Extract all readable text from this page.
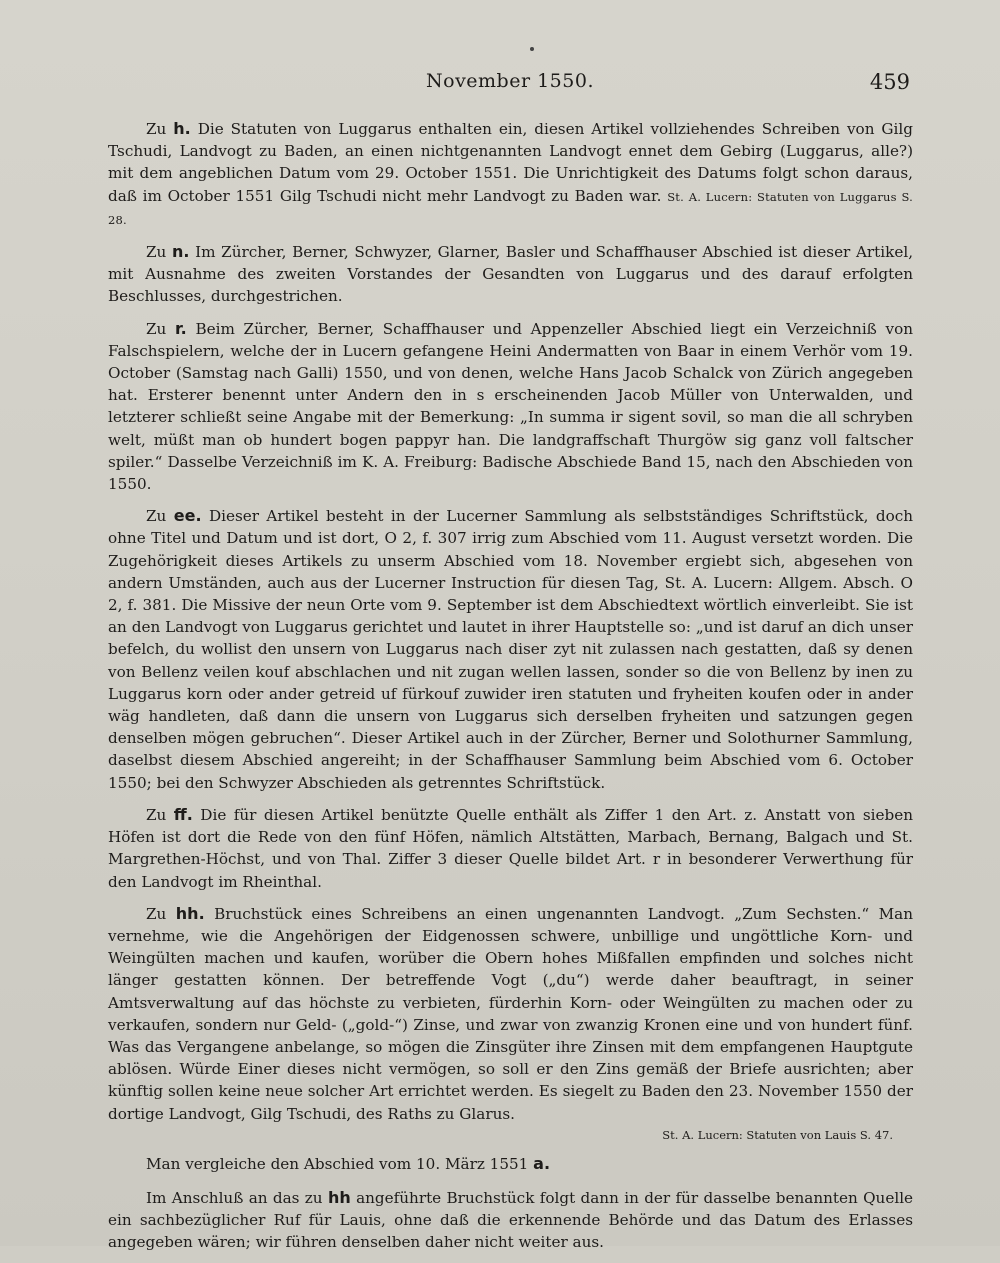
November 1550.	459

Zu h. Die Statuten von Luggarus enthalten ein, diesen Artikel vollziehendes Schreiben von Gilg Tschudi, Landvogt zu Baden, an einen nichtgenannten Landvogt ennet dem Gebirg (Luggarus, alle?) mit dem angeblichen Datum vom 29. October 1551. Die Unrichtigkeit des Datums folgt schon daraus, daß im October 1551 Gilg Tschudi nicht mehr Landvogt zu Baden war. St. A. Lucern: Statuten von Luggarus S. 28.

Zu n. Im Zürcher, Berner, Schwyzer, Glarner, Basler und Schaffhauser Abschied ist dieser Artikel, mit Ausnahme des zweiten Vorstandes der Gesandten von Luggarus und des darauf erfolgten Beschlusses, durchgestrichen.

Zu r. Beim Zürcher, Berner, Schaffhauser und Appenzeller Abschied liegt ein Verzeichniß von Falschspielern, welche der in Lucern gefangene Heini Andermatten von Baar in einem Verhör vom 19. October (Samstag nach Galli) 1550, und von denen, welche Hans Jacob Schalck von Zürich angegeben hat. Ersterer benennt unter Andern den in s erscheinenden Jacob Müller von Unterwalden, und letzterer schließt seine Angabe mit der Bemerkung: „In summa ir sigent sovil, so man die all schryben welt, müßt man ob hundert bogen pappyr han. Die landgraffschaft Thurgöw sig ganz voll faltscher spiler.“ Dasselbe Verzeichniß im K. A. Freiburg: Badische Abschiede Band 15, nach den Abschieden von 1550.

Zu ee. Dieser Artikel besteht in der Lucerner Sammlung als selbstständiges Schriftstück, doch ohne Titel und Datum und ist dort, O 2, f. 307 irrig zum Abschied vom 11. August versetzt worden. Die Zugehörigkeit dieses Artikels zu unserm Abschied vom 18. November ergiebt sich, abgesehen von andern Umständen, auch aus der Lucerner Instruction für diesen Tag, St. A. Lucern: Allgem. Absch. O 2, f. 381. Die Missive der neun Orte vom 9. September ist dem Abschiedtext wörtlich einverleibt. Sie ist an den Landvogt von Luggarus gerichtet und lautet in ihrer Hauptstelle so: „und ist daruf an dich unser befelch, du wollist den unsern von Luggarus nach diser zyt nit zulassen nach gestatten, daß sy denen von Bellenz veilen kouf abschlachen und nit zugan wellen lassen, sonder so die von Bellenz by inen zu Luggarus korn oder ander getreid uf fürkouf zuwider iren statuten und fryheiten koufen oder in ander wäg handleten, daß dann die unsern von Luggarus sich derselben fryheiten und satzungen gegen denselben mögen gebruchen“. Dieser Artikel auch in der Zürcher, Berner und Solothurner Sammlung, daselbst diesem Abschied angereiht; in der Schaffhauser Sammlung beim Abschied vom 6. October 1550; bei den Schwyzer Abschieden als getrenntes Schriftstück.

Zu ff. Die für diesen Artikel benützte Quelle enthält als Ziffer 1 den Art. z. Anstatt von sieben Höfen ist dort die Rede von den fünf Höfen, nämlich Altstätten, Marbach, Bernang, Balgach und St. Margrethen-Höchst, und von Thal. Ziffer 3 dieser Quelle bildet Art. r in besonderer Verwerthung für den Landvogt im Rheinthal.

Zu hh. Bruchstück eines Schreibens an einen ungenannten Landvogt. „Zum Sechsten.“ Man vernehme, wie die Angehörigen der Eidgenossen schwere, unbillige und ungöttliche Korn- und Weingülten machen und kaufen, worüber die Obern hohes Mißfallen empfinden und solches nicht länger gestatten können. Der betreffende Vogt („du“) werde daher beauftragt, in seiner Amtsverwaltung auf das höchste zu verbieten, fürderhin Korn- oder Weingülten zu machen oder zu verkaufen, sondern nur Geld- („gold-“) Zinse, und zwar von zwanzig Kronen eine und von hundert fünf. Was das Vergangene anbelange, so mögen die Zinsgüter ihre Zinsen mit dem empfangenen Hauptgute ablösen. Würde Einer dieses nicht vermögen, so soll er den Zins gemäß der Briefe ausrichten; aber künftig sollen keine neue solcher Art errichtet werden. Es siegelt zu Baden den 23. November 1550 der dortige Landvogt, Gilg Tschudi, des Raths zu Glarus.

St. A. Lucern: Statuten von Lauis S. 47.

Man vergleiche den Abschied vom 10. März 1551 a.

Im Anschluß an das zu hh angeführte Bruchstück folgt dann in der für dasselbe benannten Quelle ein sachbezüglicher Ruf für Lauis, ohne daß die erkennende Behörde und das Datum des Erlasses angegeben wären; wir führen denselben daher nicht weiter aus.
